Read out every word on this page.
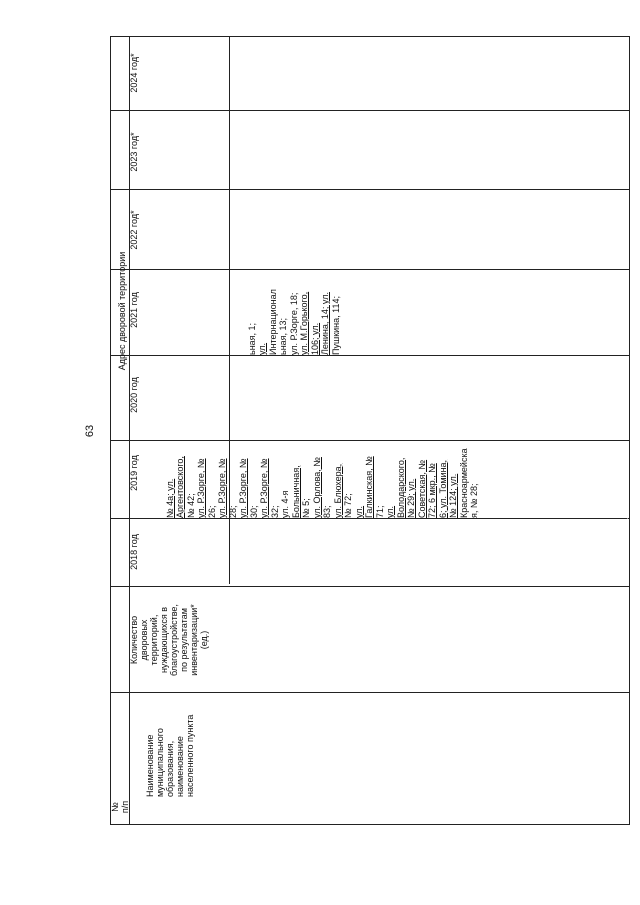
63
№
п/п
Наименование
муниципального
образования,
наименование
населенного пункта
Количество
дворовых
территорий,
нуждающихся в
благоустройстве,
по результатам
инвентаризации*
(ед.)
Адрес дворовой территории
2018 год
2019 год
2020 год
2021 год
2022 год*
2023 год*
2024 год*

№ 4а; ул. Аргентовского, № 42; ул. Р.Зорге, № 26; ул. Р.Зорге, № 28; ул. Р.Зорге, № 30; ул. Р.Зорге, № 32; ул. 4-я Больничная, № 5; ул. Орлова, № 83; ул. Блюхера, № 72; ул. Галкинская, № 71; ул. Володарского, № 29; ул. Советская, № 72; 6 мкр., № 6; ул. Томина, № 124; ул. Красноармейска я, № 28;

ьная, 1; ул. Интернационал ьная, 13; ул. Р.Зорге, 18; ул. М.Горького, 106; ул. Ленина, 14; ул. Пушкина, 114;
